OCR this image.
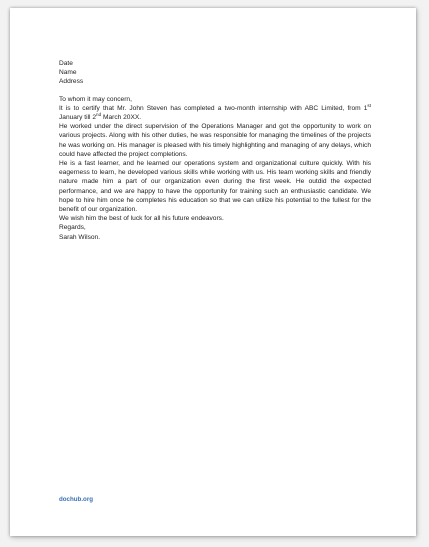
Date

Name

Address

To whom it may concern,

It is to certify that Mr. John Steven has completed a two-month internship with ABC Limited, from 1st January till 2nd March 20XX.

He worked under the direct supervision of the Operations Manager and got the opportunity to work on various projects. Along with his other duties, he was responsible for managing the timelines of the projects he was working on. His manager is pleased with his timely highlighting and managing of any delays, which could have affected the project completions.

He is a fast learner, and he learned our operations system and organizational culture quickly. With his eagerness to learn, he developed various skills while working with us. His team working skills and friendly nature made him a part of our organization even during the first week. He outdid the expected performance, and we are happy to have the opportunity for training such an enthusiastic candidate. We hope to hire him once he completes his education so that we can utilize his potential to the fullest for the benefit of our organization.

We wish him the best of luck for all his future endeavors.

Regards,

Sarah Wilson.

dochub.org
